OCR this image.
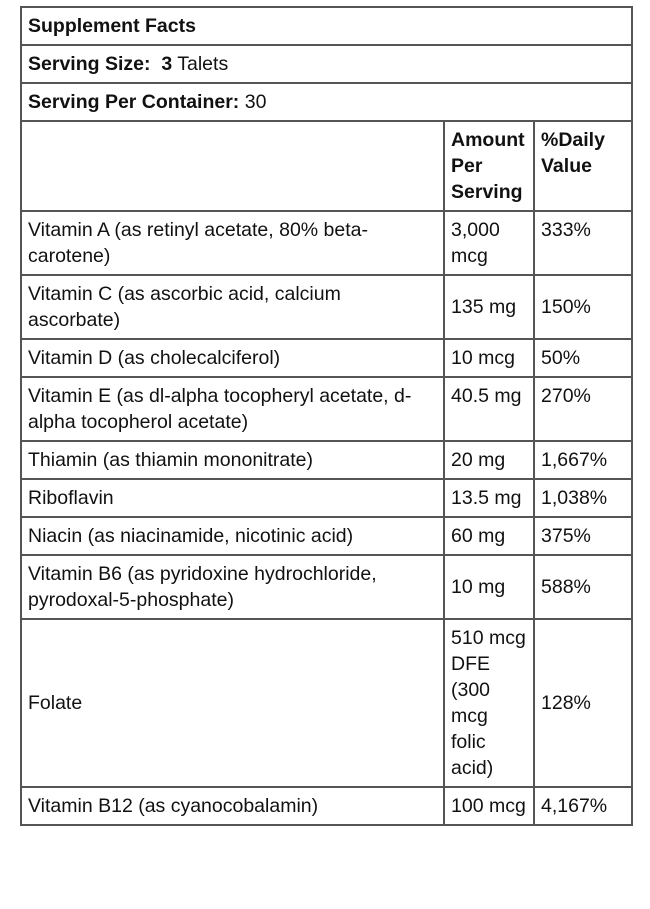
Supplement Facts		
Serving Size: 3 Talets		
Serving Per Container: 30		
	Amount Per Serving	%Daily Value
Vitamin A (as retinyl acetate, 80% beta-carotene)	3,000 mcg	333%
Vitamin C (as ascorbic acid, calcium ascorbate)	135 mg	150%
Vitamin D (as cholecalciferol)	10 mcg	50%
Vitamin E (as dl-alpha tocopheryl acetate, d-alpha tocopherol acetate)	40.5 mg	270%
Thiamin (as thiamin mononitrate)	20 mg	1,667%
Riboflavin	13.5 mg	1,038%
Niacin (as niacinamide, nicotinic acid)	60 mg	375%
Vitamin B6 (as pyridoxine hydrochloride, pyrodoxal-5-phosphate)	10 mg	588%
Folate	510 mcg DFE (300 mcg folic acid)	128%
Vitamin B12 (as cyanocobalamin)	100 mcg	4,167%
